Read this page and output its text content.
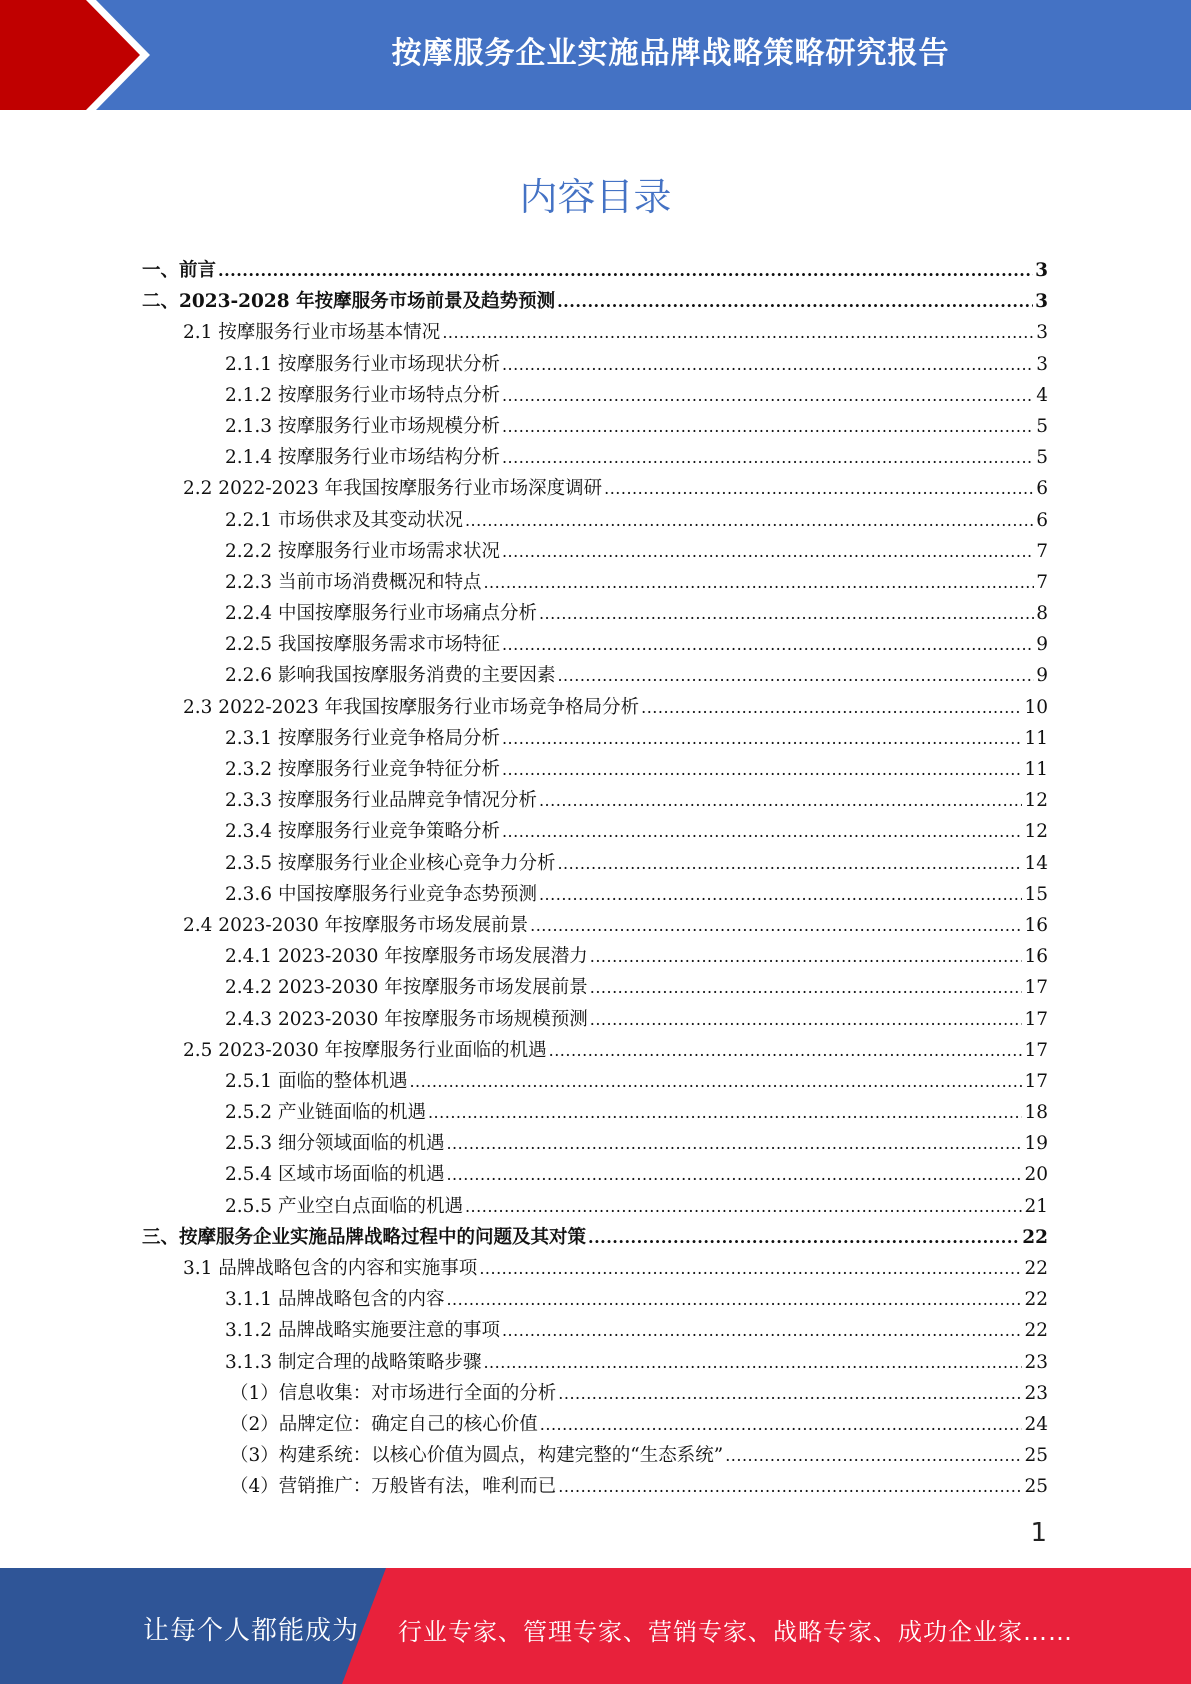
按摩服务企业实施品牌战略策略研究报告
内容目录
一、前言 .....	3
二、2023-2028 年按摩服务市场前景及趋势预测 .....	3
2.1 按摩服务行业市场基本情况 .....	3
2.1.1 按摩服务行业市场现状分析 .....	3
2.1.2 按摩服务行业市场特点分析 .....	4
2.1.3 按摩服务行业市场规模分析 .....	5
2.1.4 按摩服务行业市场结构分析 .....	5
2.2 2022-2023 年我国按摩服务行业市场深度调研 .....	6
2.2.1 市场供求及其变动状况 .....	6
2.2.2 按摩服务行业市场需求状况 .....	7
2.2.3 当前市场消费概况和特点 .....	7
2.2.4 中国按摩服务行业市场痛点分析 .....	8
2.2.5 我国按摩服务需求市场特征 .....	9
2.2.6 影响我国按摩服务消费的主要因素 .....	9
2.3 2022-2023 年我国按摩服务行业市场竞争格局分析 .....	10
2.3.1 按摩服务行业竞争格局分析 .....	11
2.3.2 按摩服务行业竞争特征分析 .....	11
2.3.3 按摩服务行业品牌竞争情况分析 .....	12
2.3.4 按摩服务行业竞争策略分析 .....	12
2.3.5 按摩服务行业企业核心竞争力分析 .....	14
2.3.6 中国按摩服务行业竞争态势预测 .....	15
2.4 2023-2030 年按摩服务市场发展前景 .....	16
2.4.1 2023-2030 年按摩服务市场发展潜力 .....	16
2.4.2 2023-2030 年按摩服务市场发展前景 .....	17
2.4.3 2023-2030 年按摩服务市场规模预测 .....	17
2.5 2023-2030 年按摩服务行业面临的机遇 .....	17
2.5.1 面临的整体机遇 .....	17
2.5.2 产业链面临的机遇 .....	18
2.5.3 细分领域面临的机遇 .....	19
2.5.4 区域市场面临的机遇 .....	20
2.5.5 产业空白点面临的机遇 .....	21
三、按摩服务企业实施品牌战略过程中的问题及其对策 .....	22
3.1 品牌战略包含的内容和实施事项 .....	22
3.1.1 品牌战略包含的内容 .....	22
3.1.2 品牌战略实施要注意的事项 .....	22
3.1.3 制定合理的战略策略步骤 .....	23
（1）信息收集：对市场进行全面的分析 .....	23
（2）品牌定位：确定自己的核心价值 .....	24
（3）构建系统：以核心价值为圆点，构建完整的“生态系统” .....	25
（4）营销推广：万般皆有法，唯利而已 .....	25
1
让每个人都能成为 行业专家、管理专家、营销专家、战略专家、成功企业家……
